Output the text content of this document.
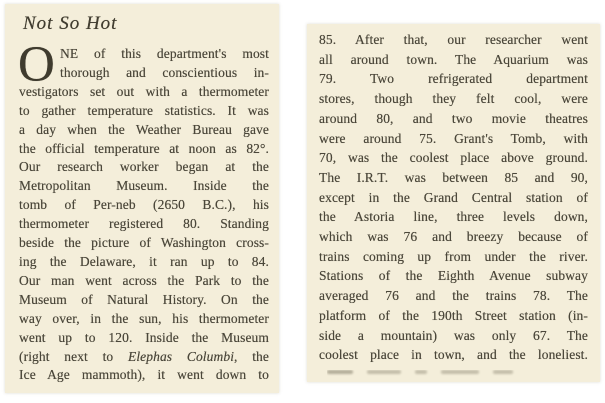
Not So Hot
O NE of this department's most
thorough and conscientious in-
vestigators set out with a thermometer
to gather temperature statistics. It was
a day when the Weather Bureau gave
the official temperature at noon as 82°.
Our research worker began at the
Metropolitan Museum. Inside the
tomb of Per-neb (2650 B.C.), his
thermometer registered 80. Standing
beside the picture of Washington cross-
ing the Delaware, it ran up to 84.
Our man went across the Park to the
Museum of Natural History. On the
way over, in the sun, his thermometer
went up to 120. Inside the Museum
(right next to Elephas Columbi, the
Ice Age mammoth), it went down to
85. After that, our researcher went
all around town. The Aquarium was
79. Two refrigerated department
stores, though they felt cool, were
around 80, and two movie theatres
were around 75. Grant's Tomb, with
70, was the coolest place above ground.
The I.R.T. was between 85 and 90,
except in the Grand Central station of
the Astoria line, three levels down,
which was 76 and breezy because of
trains coming up from under the river.
Stations of the Eighth Avenue subway
averaged 76 and the trains 78. The
platform of the 190th Street station (in-
side a mountain) was only 67. The
coolest place in town, and the loneliest.
